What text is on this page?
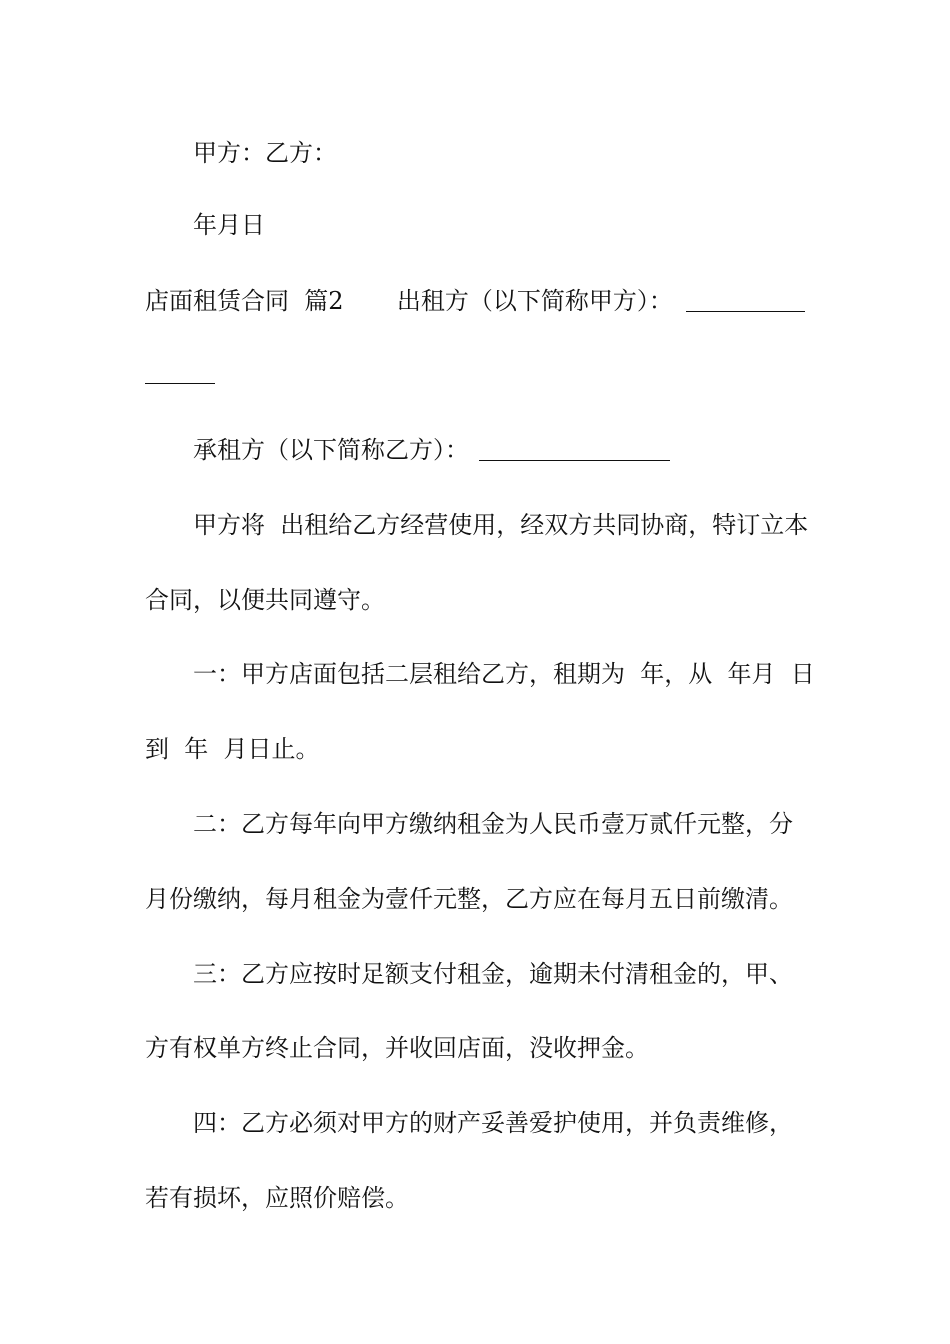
甲方：乙方：
年月日
店面租赁合同  篇2       出租方（以下简称甲方）：
承租方（以下简称乙方）：
甲方将  出租给乙方经营使用，经双方共同协商，特订立本
合同，以便共同遵守。
一：甲方店面包括二层租给乙方，租期为  年，从  年月  日
到  年  月日止。
二：乙方每年向甲方缴纳租金为人民币壹万贰仟元整，分
月份缴纳，每月租金为壹仟元整，乙方应在每月五日前缴清。
三：乙方应按时足额支付租金，逾期未付清租金的，甲、
方有权单方终止合同，并收回店面，没收押金。
四：乙方必须对甲方的财产妥善爱护使用，并负责维修，
若有损坏，应照价赔偿。
